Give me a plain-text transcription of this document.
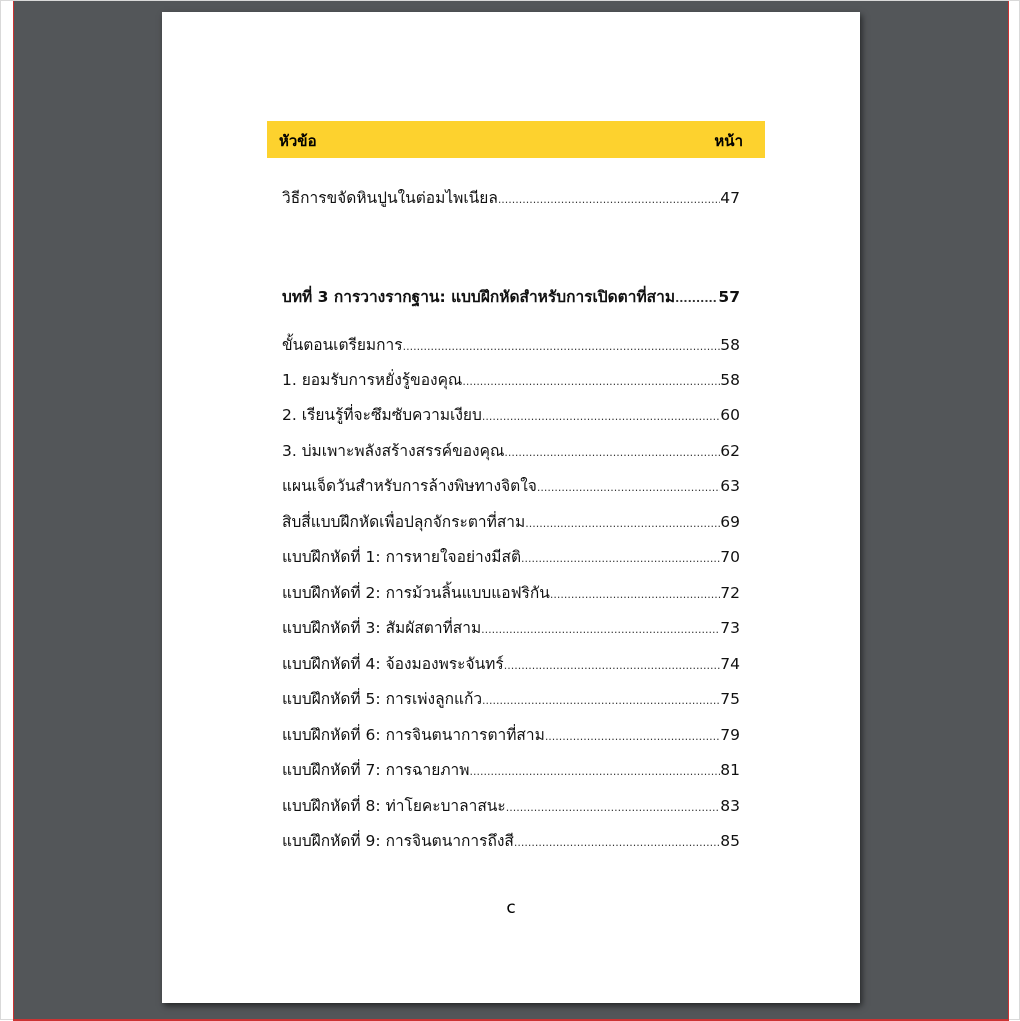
หัวข้อ	หน้า
วิธีการขจัดหินปูนในต่อมไพเนียล .....	47
บทที่ 3 การวางรากฐาน: แบบฝึกหัดสำหรับการเปิดตาที่สาม .....	57
ขั้นตอนเตรียมการ .....	58
1. ยอมรับการหยั่งรู้ของคุณ .....	58
2. เรียนรู้ที่จะซึมซับความเงียบ .....	60
3. บ่มเพาะพลังสร้างสรรค์ของคุณ .....	62
แผนเจ็ดวันสำหรับการล้างพิษทางจิตใจ .....	63
สิบสี่แบบฝึกหัดเพื่อปลุกจักระตาที่สาม .....	69
แบบฝึกหัดที่ 1: การหายใจอย่างมีสติ .....	70
แบบฝึกหัดที่ 2: การม้วนลิ้นแบบแอฟริกัน .....	72
แบบฝึกหัดที่ 3: สัมผัสตาที่สาม .....	73
แบบฝึกหัดที่ 4: จ้องมองพระจันทร์ .....	74
แบบฝึกหัดที่ 5: การเพ่งลูกแก้ว .....	75
แบบฝึกหัดที่ 6: การจินตนาการตาที่สาม .....	79
แบบฝึกหัดที่ 7: การฉายภาพ .....	81
แบบฝึกหัดที่ 8: ท่าโยคะบาลาสนะ .....	83
แบบฝึกหัดที่ 9: การจินตนาการถึงสี .....	85
c
